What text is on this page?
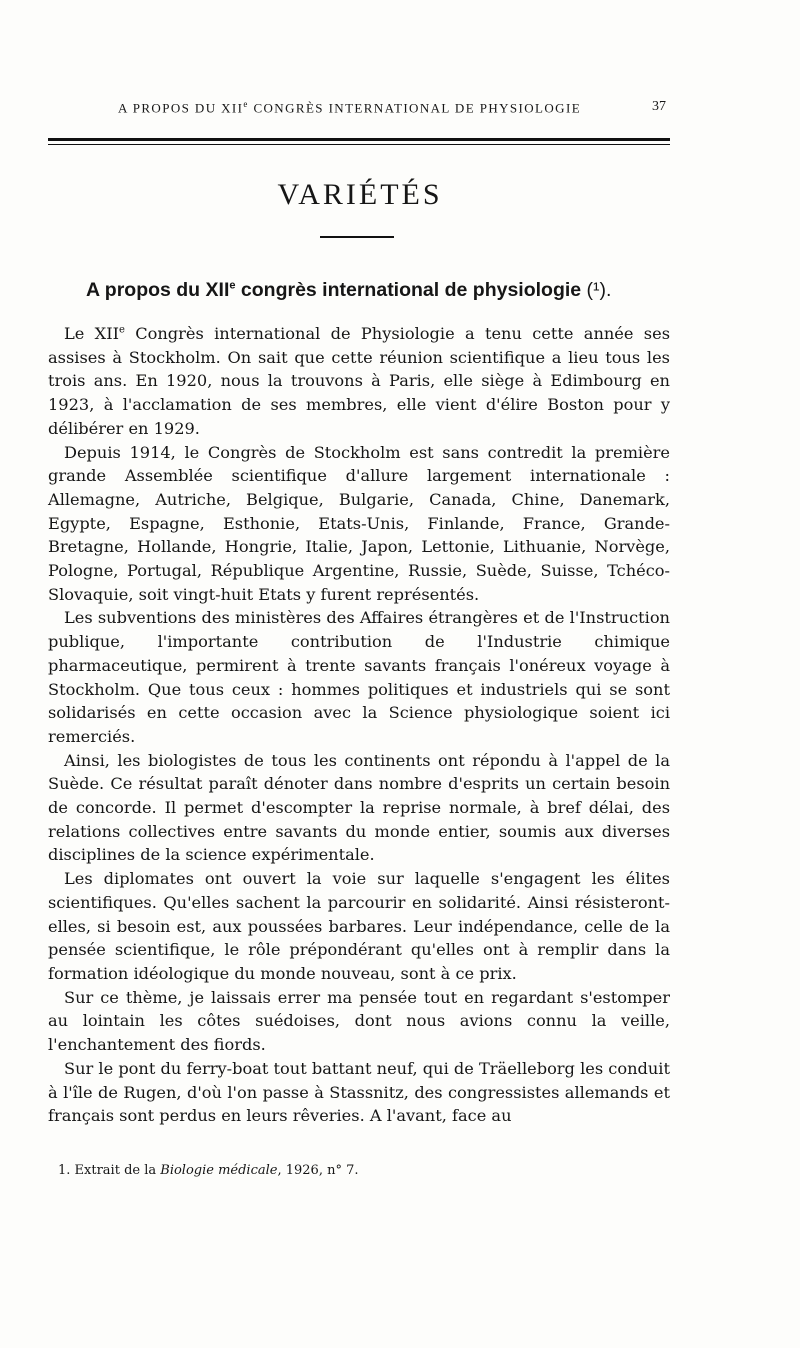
A PROPOS DU XIIe CONGRÈS INTERNATIONAL DE PHYSIOLOGIE	37
VARIÉTÉS
A propos du XIIe congrès international de physiologie (¹).

Le XIIe Congrès international de Physiologie a tenu cette année ses assises à Stockholm. On sait que cette réunion scientifique a lieu tous les trois ans. En 1920, nous la trouvons à Paris, elle siège à Edimbourg en 1923, à l'acclamation de ses membres, elle vient d'élire Boston pour y délibérer en 1929.

Depuis 1914, le Congrès de Stockholm est sans contredit la première grande Assemblée scientifique d'allure largement internationale : Allemagne, Autriche, Belgique, Bulgarie, Canada, Chine, Danemark, Egypte, Espagne, Esthonie, Etats-Unis, Finlande, France, Grande-Bretagne, Hollande, Hongrie, Italie, Japon, Lettonie, Lithuanie, Norvège, Pologne, Portugal, République Argentine, Russie, Suède, Suisse, Tchéco-Slovaquie, soit vingt-huit Etats y furent représentés.

Les subventions des ministères des Affaires étrangères et de l'Instruction publique, l'importante contribution de l'Industrie chimique pharmaceutique, permirent à trente savants français l'onéreux voyage à Stockholm. Que tous ceux : hommes politiques et industriels qui se sont solidarisés en cette occasion avec la Science physiologique soient ici remerciés.

Ainsi, les biologistes de tous les continents ont répondu à l'appel de la Suède. Ce résultat paraît dénoter dans nombre d'esprits un certain besoin de concorde. Il permet d'escompter la reprise normale, à bref délai, des relations collectives entre savants du monde entier, soumis aux diverses disciplines de la science expérimentale.

Les diplomates ont ouvert la voie sur laquelle s'engagent les élites scientifiques. Qu'elles sachent la parcourir en solidarité. Ainsi résisteront-elles, si besoin est, aux poussées barbares. Leur indépendance, celle de la pensée scientifique, le rôle prépondérant qu'elles ont à remplir dans la formation idéologique du monde nouveau, sont à ce prix.

Sur ce thème, je laissais errer ma pensée tout en regardant s'estomper au lointain les côtes suédoises, dont nous avions connu la veille, l'enchantement des fiords.

Sur le pont du ferry-boat tout battant neuf, qui de Träelleborg les conduit à l'île de Rugen, d'où l'on passe à Stassnitz, des congressistes allemands et français sont perdus en leurs rêveries. A l'avant, face au

1. Extrait de la Biologie médicale, 1926, n° 7.
